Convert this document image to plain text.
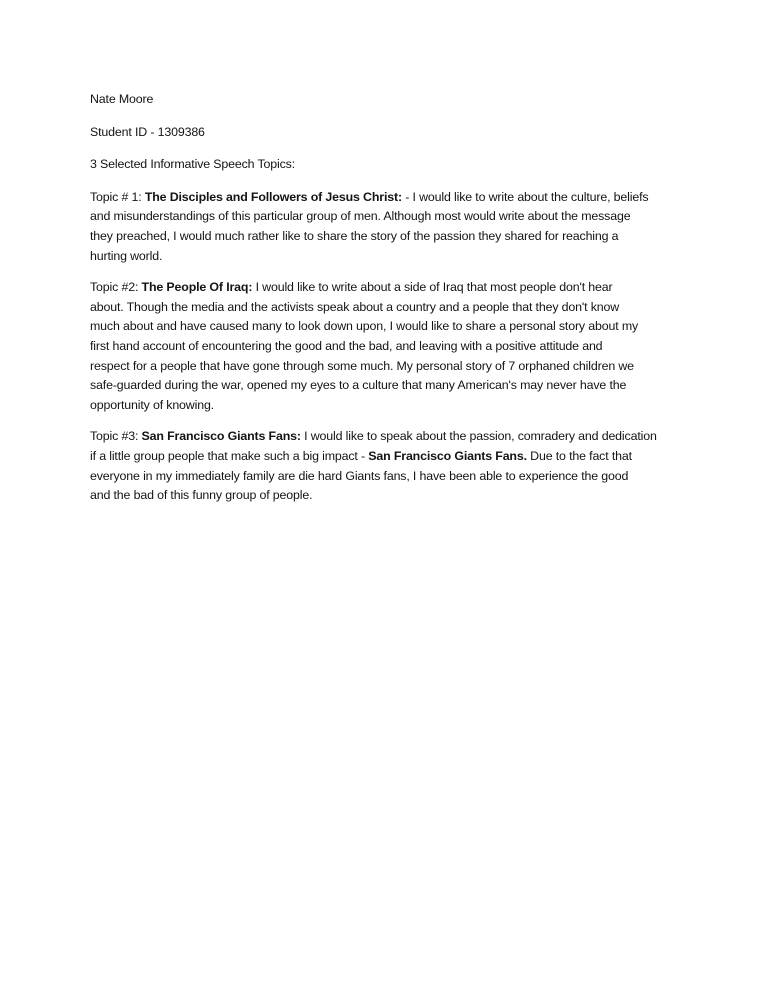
Nate Moore
Student ID - 1309386
3 Selected Informative Speech Topics:
Topic # 1: The Disciples and Followers of Jesus Christ: - I would like to write about the culture, beliefs
and misunderstandings of this particular group of men. Although most would write about the message
they preached, I would much rather like to share the story of the passion they shared for reaching a
hurting world.
Topic #2: The People Of Iraq: I would like to write about a side of Iraq that most people don't hear
about. Though the media and the activists speak about a country and a people that they don't know
much about and have caused many to look down upon, I would like to share a personal story about my
first hand account of encountering the good and the bad, and leaving with a positive attitude and
respect for a people that have gone through some much. My personal story of 7 orphaned children we
safe-guarded during the war, opened my eyes to a culture that many American's may never have the
opportunity of knowing.
Topic #3: San Francisco Giants Fans: I would like to speak about the passion, comradery and dedication
if a little group people that make such a big impact - San Francisco Giants Fans. Due to the fact that
everyone in my immediately family are die hard Giants fans, I have been able to experience the good
and the bad of this funny group of people.
